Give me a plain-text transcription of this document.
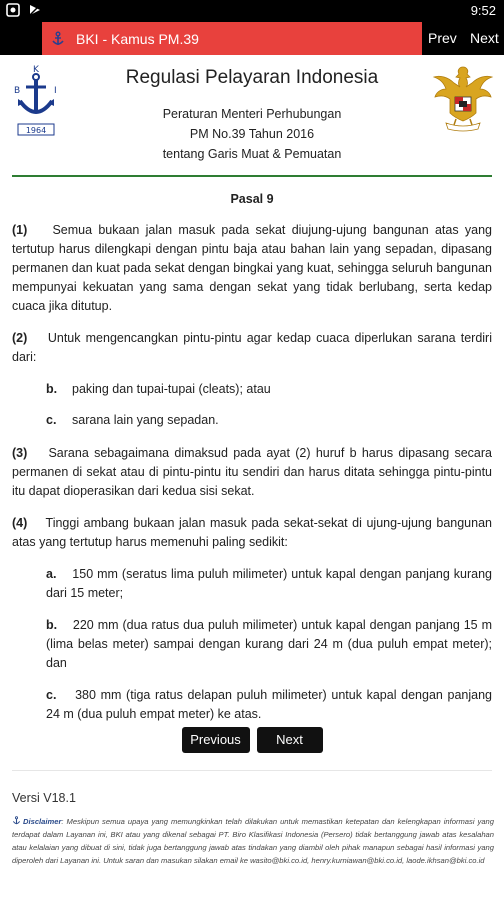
9:52
BKI - Kamus PM.39	Prev Next
K
B	I
1964
Regulasi Pelayaran Indonesia
Peraturan Menteri Perhubungan
PM No.39 Tahun 2016
tentang Garis Muat & Pemuatan
Pasal 9
(1) Semua bukaan jalan masuk pada sekat diujung-ujung bangunan atas yang tertutup harus dilengkapi dengan pintu baja atau bahan lain yang sepadan, dipasang permanen dan kuat pada sekat dengan bingkai yang kuat, sehingga seluruh bangunan mempunyai kekuatan yang sama dengan sekat yang tidak berlubang, serta kedap cuaca jika ditutup.
(2) Untuk mengencangkan pintu-pintu agar kedap cuaca diperlukan sarana terdiri dari:
b.	paking dan tupai-tupai (cleats); atau
c.	sarana lain yang sepadan.
(3) Sarana sebagaimana dimaksud pada ayat (2) huruf b harus dipasang secara permanen di sekat atau di pintu-pintu itu sendiri dan harus ditata sehingga pintu-pintu itu dapat dioperasikan dari kedua sisi sekat.
(4) Tinggi ambang bukaan jalan masuk pada sekat-sekat di ujung-ujung bangunan atas yang tertutup harus memenuhi paling sedikit:
a. 150 mm (seratus lima puluh milimeter) untuk kapal dengan panjang kurang dari 15 meter;
b. 220 mm (dua ratus dua puluh milimeter) untuk kapal dengan panjang 15 m (lima belas meter) sampai dengan kurang dari 24 m (dua puluh empat meter); dan
c. 380 mm (tiga ratus delapan puluh milimeter) untuk kapal dengan panjang 24 m (dua puluh empat meter) ke atas.
Previous	Next
Versi V18.1
Disclaimer: Meskipun semua upaya yang memungkinkan telah dilakukan untuk memastikan ketepatan dan kelengkapan informasi yang terdapat dalam Layanan ini, BKI atau yang dikenal sebagai PT. Biro Klasifikasi Indonesia (Persero) tidak bertanggung jawab atas kesalahan atau kelalaian yang dibuat di sini, tidak juga bertanggung jawab atas tindakan yang diambil oleh pihak manapun sebagai hasil informasi yang diperoleh dari Layanan ini. Untuk saran dan masukan silakan email ke wasito@bki.co.id, henry.kurniawan@bki.co.id, laode.ikhsan@bki.co.id
